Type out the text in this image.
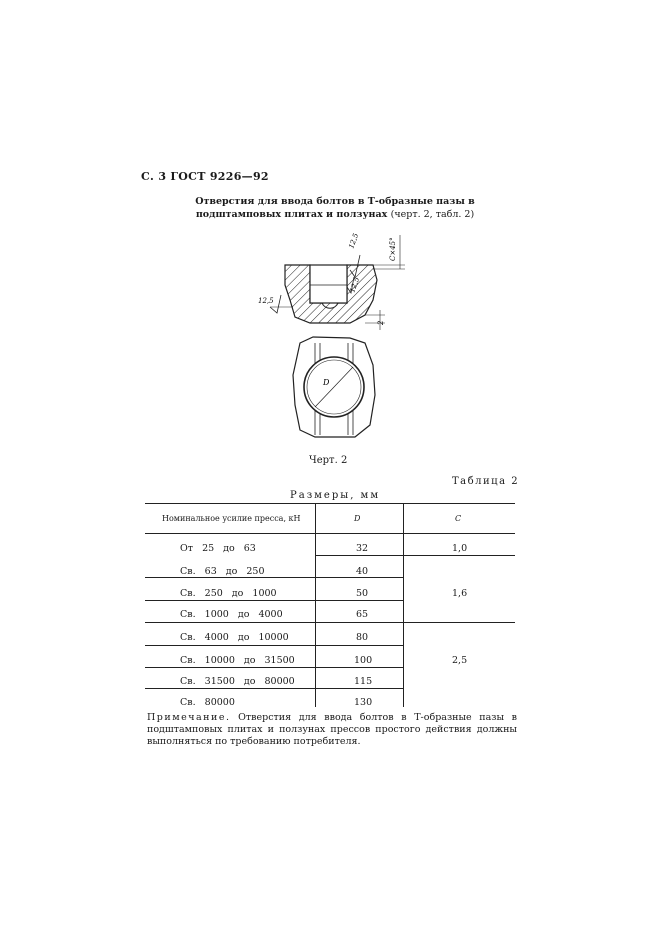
С. 3 ГОСТ 9226—92
Отверстия для ввода болтов в Т-образные пазы в подштамповых плитах и ползунах (черт. 2, табл. 2)
12,5
12,5
12,5
C×45°
2
D
Черт. 2
Таблица 2
Размеры, мм
Номинальное усилие пресса, кН	D	C
От 25 до 63	32	1,0
Св. 63 до 250	40
Св. 250 до 1000	50	1,6
Св. 1000 до 4000	65
Св. 4000 до 10000	80
Св. 10000 до 31500	100	2,5
Св. 31500 до 80000	115
Св. 80000	130
Примечание. Отверстия для ввода болтов в Т-образные пазы в подштамповых плитах и ползунах прессов простого действия должны выполняться по требованию потребителя.
